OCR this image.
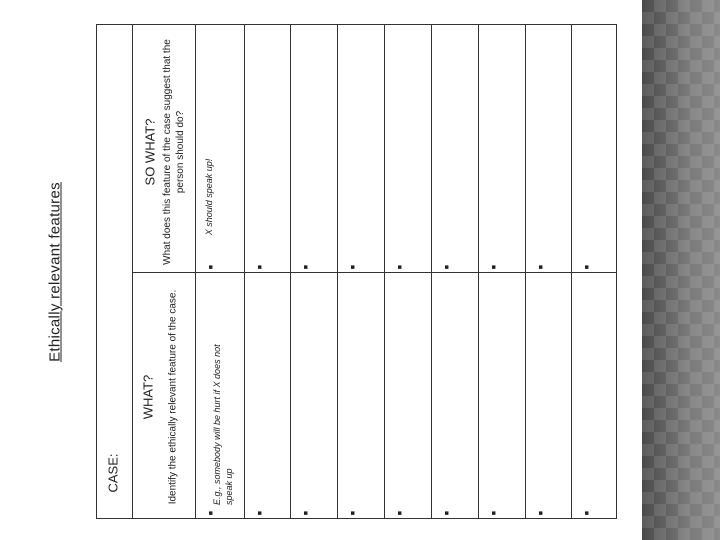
Ethically relevant features
CASE:
WHAT? Identify the ethically relevant feature of the case.
SO WHAT? What does this feature of the case suggest that the person should do?
▪
E.g., somebody will be hurt if X does not speak up
▪
X should speak up!
▪
▪
▪
▪
▪
▪
▪
▪
▪
▪
▪
▪
▪
▪
▪
▪
